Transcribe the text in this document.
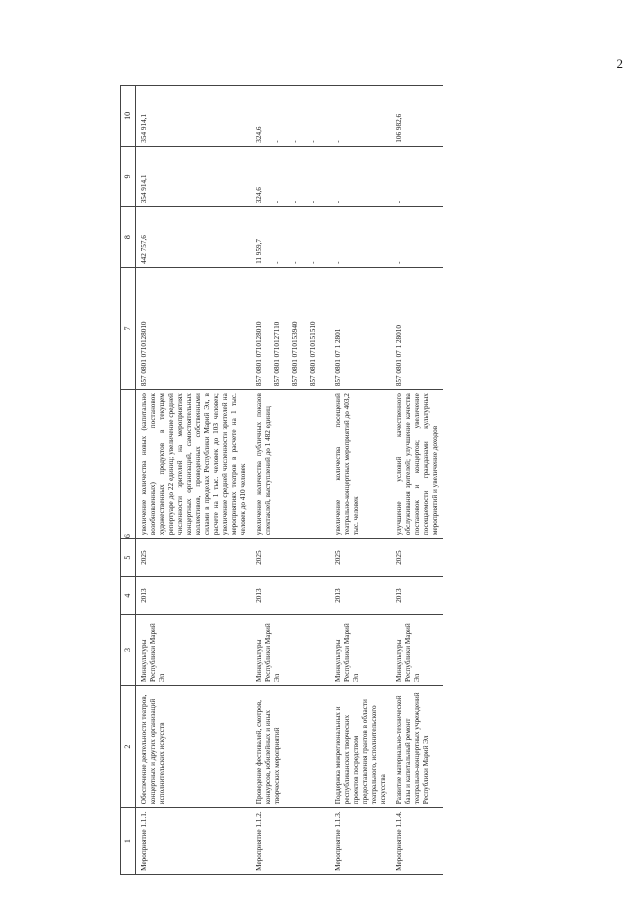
2
1	2	3	4	5	6	7	8	9	10
Мероприятие 1.1.1.	Обеспечение деятельности театров, концертных и других организаций исполнительских искусств	Минкультуры Республики Марий Эл	2013	2025	увеличение количества новых (капитально возобновленных) постановок художественных продуктов в текущем репертуаре до 22 единиц; увеличение средней численности зрителей на мероприятиях концертных организаций, самостоятельных коллективов, проведенных собственными силами в пределах Республики Марий Эл, в расчете на 1 тыс. человек до 103 человек; увеличение средней численности зрителей на мероприятиях театров в расчете на 1 тыс. человек до 410 человек	857 0801 0710128010	442 757,6	354 914,1	354 914,1

Мероприятие 1.1.2.	Проведение фестивалей, смотров, конкурсов, юбилейных и иных творческих мероприятий	Минкультуры Республики Марий Эл	2013	2025	увеличение количества публичных показов спектаклей, выступлений до 1 482 единиц	857 0801 0710128010 857 0801 0710127110 857 0801 0710153940 857 0801 0710151510	11 959,7 - - -	324,6 - - -	324,6 - - -

Мероприятие 1.1.3.	Поддержка межрегиональных и республиканских творческих проектов посредством предоставления грантов в области театрального, исполнительского искусства	Минкультуры Республики Марий Эл	2013	2025	увеличение количества посещений театрально-концертных мероприятий до 403,2 тыс. человек	857 0801 07 1 2801	-	-	-

Мероприятие 1.1.4.	Развитие материально-технической базы и капитальный ремонт театрально-концертных учреждений Республики Марий Эл	Минкультуры Республики Марий Эл	2013	2025	улучшение условий качественного обслуживания зрителей; улучшение качества постановок и концертов; увеличение посещаемости гражданами культурных мероприятий и увеличение доходов	857 0801 07 1 28010	-	-	106 982,6
